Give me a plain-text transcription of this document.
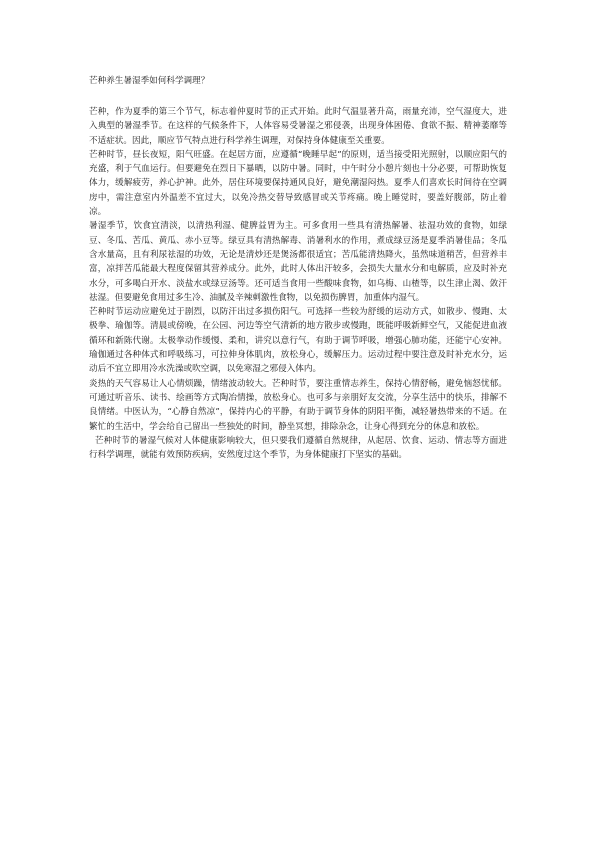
芒种养生暑湿季如何科学调理？

芒种，作为夏季的第三个节气，标志着仲夏时节的正式开始。此时气温显著升高，雨量充沛，空气湿度大，进入典型的暑湿季节。在这样的气候条件下，人体容易受暑湿之邪侵袭，出现身体困倦、食欲不振、精神萎靡等不适症状。因此，顺应节气特点进行科学养生调理，对保持身体健康至关重要。

芒种时节，昼长夜短，阳气旺盛。在起居方面，应遵循“晚睡早起”的原则，适当接受阳光照射，以顺应阳气的充盛，利于气血运行。但要避免在烈日下暴晒，以防中暑。同时，中午时分小憩片刻也十分必要，可帮助恢复体力，缓解疲劳，养心护神。此外，居住环境要保持通风良好，避免潮湿闷热。夏季人们喜欢长时间待在空调房中，需注意室内外温差不宜过大，以免冷热交替导致感冒或关节疼痛。晚上睡觉时，要盖好腹部，防止着凉。

暑湿季节，饮食宜清淡，以清热利湿、健脾益胃为主。可多食用一些具有清热解暑、祛湿功效的食物，如绿豆、冬瓜、苦瓜、黄瓜、赤小豆等。绿豆具有清热解毒、消暑利水的作用，煮成绿豆汤是夏季消暑佳品；冬瓜含水量高，且有利尿祛湿的功效，无论是清炒还是煲汤都很适宜；苦瓜能清热降火，虽然味道稍苦，但营养丰富，凉拌苦瓜能最大程度保留其营养成分。此外，此时人体出汗较多，会损失大量水分和电解质，应及时补充水分，可多喝白开水、淡盐水或绿豆汤等。还可适当食用一些酸味食物，如乌梅、山楂等，以生津止渴、敛汗祛湿。但要避免食用过多生冷、油腻及辛辣刺激性食物，以免损伤脾胃，加重体内湿气。

芒种时节运动应避免过于剧烈，以防汗出过多损伤阳气。可选择一些较为舒缓的运动方式，如散步、慢跑、太极拳、瑜伽等。清晨或傍晚，在公园、河边等空气清新的地方散步或慢跑，既能呼吸新鲜空气，又能促进血液循环和新陈代谢。太极拳动作缓慢、柔和，讲究以意行气，有助于调节呼吸，增强心肺功能，还能宁心安神。瑜伽通过各种体式和呼吸练习，可拉伸身体肌肉，放松身心，缓解压力。运动过程中要注意及时补充水分，运动后不宜立即用冷水洗澡或吹空调，以免寒湿之邪侵入体内。

炎热的天气容易让人心情烦躁，情绪波动较大。芒种时节，要注重情志养生，保持心情舒畅，避免恼怒忧郁。可通过听音乐、读书、绘画等方式陶冶情操，放松身心。也可多与亲朋好友交流，分享生活中的快乐，排解不良情绪。中医认为，“心静自然凉”，保持内心的平静，有助于调节身体的阴阳平衡，减轻暑热带来的不适。在繁忙的生活中，学会给自己留出一些独处的时间，静坐冥想，排除杂念，让身心得到充分的休息和放松。

芒种时节的暑湿气候对人体健康影响较大，但只要我们遵循自然规律，从起居、饮食、运动、情志等方面进行科学调理，就能有效预防疾病，安然度过这个季节，为身体健康打下坚实的基础。
